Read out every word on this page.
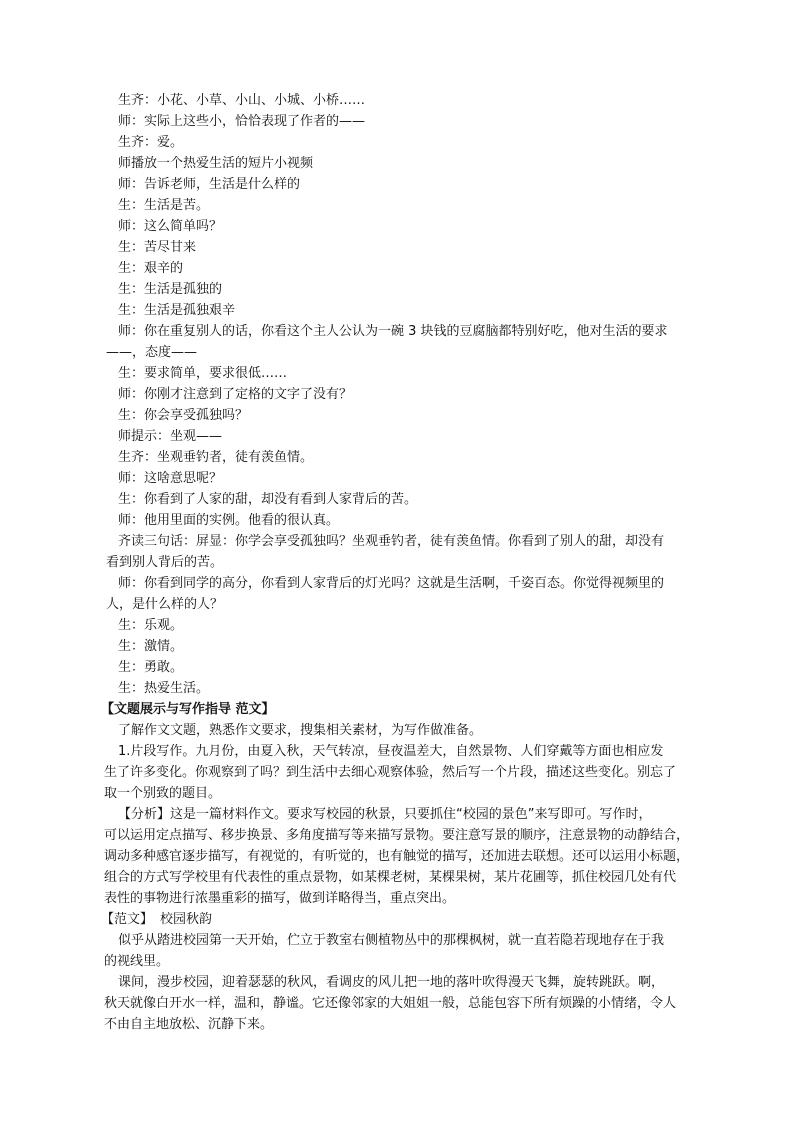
生齐：小花、小草、小山、小城、小桥……
师：实际上这些小，恰恰表现了作者的——
生齐：爱。
师播放一个热爱生活的短片小视频
师：告诉老师，生活是什么样的
生：生活是苦。
师：这么简单吗？
生：苦尽甘来
生：艰辛的
生：生活是孤独的
生：生活是孤独艰辛
师：你在重复别人的话，你看这个主人公认为一碗 3 块钱的豆腐脑都特别好吃，他对生活的要求
——，态度——
生：要求简单，要求很低……
师：你刚才注意到了定格的文字了没有？
生：你会享受孤独吗？
师提示：坐观——
生齐：坐观垂钓者，徒有羡鱼情。
师：这啥意思呢？
生：你看到了人家的甜，却没有看到人家背后的苦。
师：他用里面的实例。他看的很认真。
齐读三句话：屏显：你学会享受孤独吗？坐观垂钓者，徒有羡鱼情。你看到了别人的甜，却没有
看到别人背后的苦。
师：你看到同学的高分，你看到人家背后的灯光吗？这就是生活啊，千姿百态。你觉得视频里的
人，是什么样的人？
生：乐观。
生：激情。
生：勇敢。
生：热爱生活。
【文题展示与写作指导 范文】
了解作文文题，熟悉作文要求，搜集相关素材，为写作做准备。
1.片段写作。九月份，由夏入秋，天气转凉，昼夜温差大，自然景物、人们穿戴等方面也相应发
生了许多变化。你观察到了吗？到生活中去细心观察体验，然后写一个片段，描述这些变化。别忘了
取一个别致的题目。
【分析】这是一篇材料作文。要求写校园的秋景，只要抓住“校园的景色”来写即可。写作时，
可以运用定点描写、移步换景、多角度描写等来描写景物。要注意写景的顺序，注意景物的动静结合，
调动多种感官逐步描写，有视觉的，有听觉的，也有触觉的描写，还加进去联想。还可以运用小标题，
组合的方式写学校里有代表性的重点景物，如某棵老树，某棵果树，某片花圃等，抓住校园几处有代
表性的事物进行浓墨重彩的描写，做到详略得当，重点突出。
【范文】 校园秋韵
似乎从踏进校园第一天开始，伫立于教室右侧植物丛中的那棵枫树，就一直若隐若现地存在于我
的视线里。
课间，漫步校园，迎着瑟瑟的秋风，看调皮的风儿把一地的落叶吹得漫天飞舞，旋转跳跃。啊，
秋天就像白开水一样，温和，静谧。它还像邻家的大姐姐一般，总能包容下所有烦躁的小情绪，令人
不由自主地放松、沉静下来。
